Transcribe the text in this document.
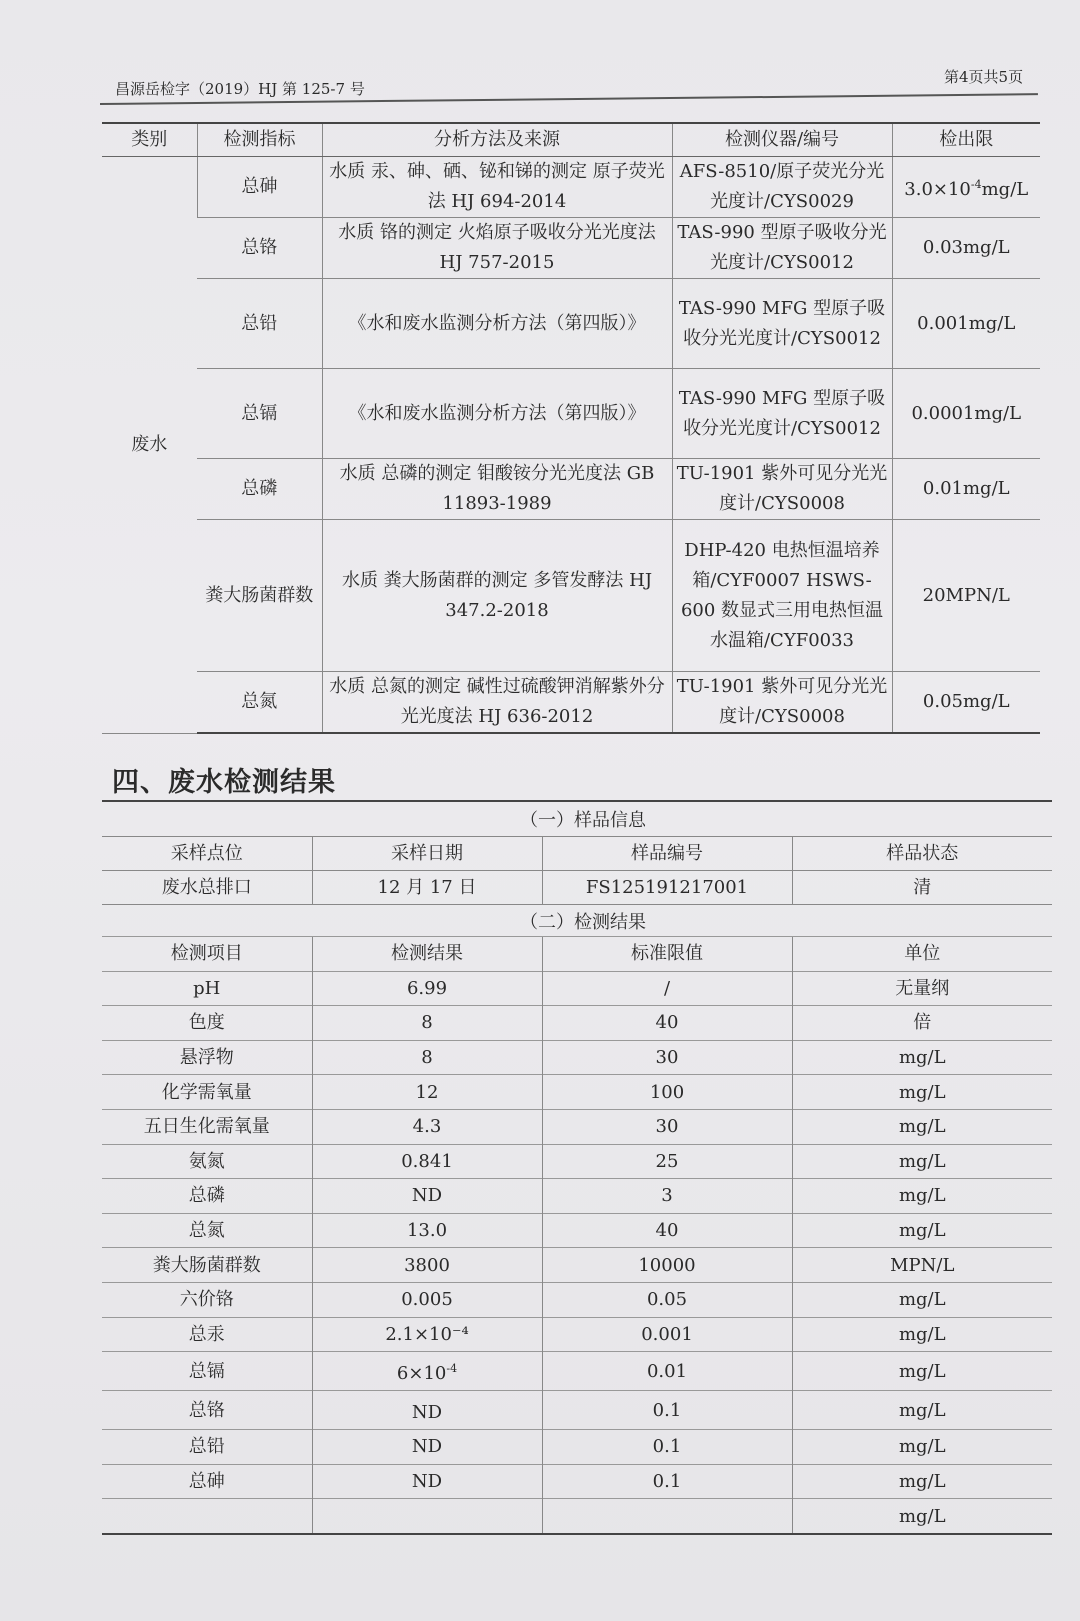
昌源岳检字（2019）HJ 第 125-7 号
第4页共5页
类别	检测指标	分析方法及来源	检测仪器/编号	检出限
废水	总砷	水质 汞、砷、硒、铋和锑的测定 原子荧光法 HJ 694-2014	AFS-8510/原子荧光分光光度计/CYS0029	$3.0\times 10^{-4}mg/L$
	总铬	水质 铬的测定 火焰原子吸收分光光度法 HJ 757-2015	TAS-990 型原子吸收分光光度计/CYS0012	0.03mg/L
	总铅	《水和废水监测分析方法（第四版）》	TAS-990 MFG 型原子吸收分光光度计/CYS0012	0.001mg/L
	总镉	《水和废水监测分析方法（第四版）》	TAS-990 MFG 型原子吸收分光光度计/CYS0012	0.0001mg/L
	总磷	水质 总磷的测定 钼酸铵分光光度法 GB 11893-1989	TU-1901 紫外可见分光光度计/CYS0008	0.01mg/L
	粪大肠菌群数	水质 粪大肠菌群的测定 多管发酵法 HJ 347.2-2018	DHP-420 电热恒温培养箱/CYF0007 HSWS-600 数显式三用电热恒温水温箱/CYF0033	20MPN/L
	总氮	水质 总氮的测定 碱性过硫酸钾消解紫外分光光度法 HJ 636-2012	TU-1901 紫外可见分光光度计/CYS0008	0.05mg/L
四、废水检测结果
（一）样品信息
采样点位	采样日期	样品编号	样品状态
废水总排口	12 月 17 日	FS125191217001	清
（二）检测结果
检测项目	检测结果	标准限值	单位
pH	6.99	/	无量纲
色度	8	40	倍
悬浮物	8	30	mg/L
化学需氧量	12	100	mg/L
五日生化需氧量	4.3	30	mg/L
氨氮	0.841	25	mg/L
总磷	ND	3	mg/L
总氮	13.0	40	mg/L
粪大肠菌群数	3800	10000	MPN/L
六价铬	0.005	0.05	mg/L
总汞	2.1×10⁻⁴	0.001	mg/L
总镉	$6\times 10^{-4}$	0.01	mg/L
总铬	ND	0.1	mg/L
总铅	ND	0.1	mg/L
总砷	ND	0.1	mg/L
			mg/L
